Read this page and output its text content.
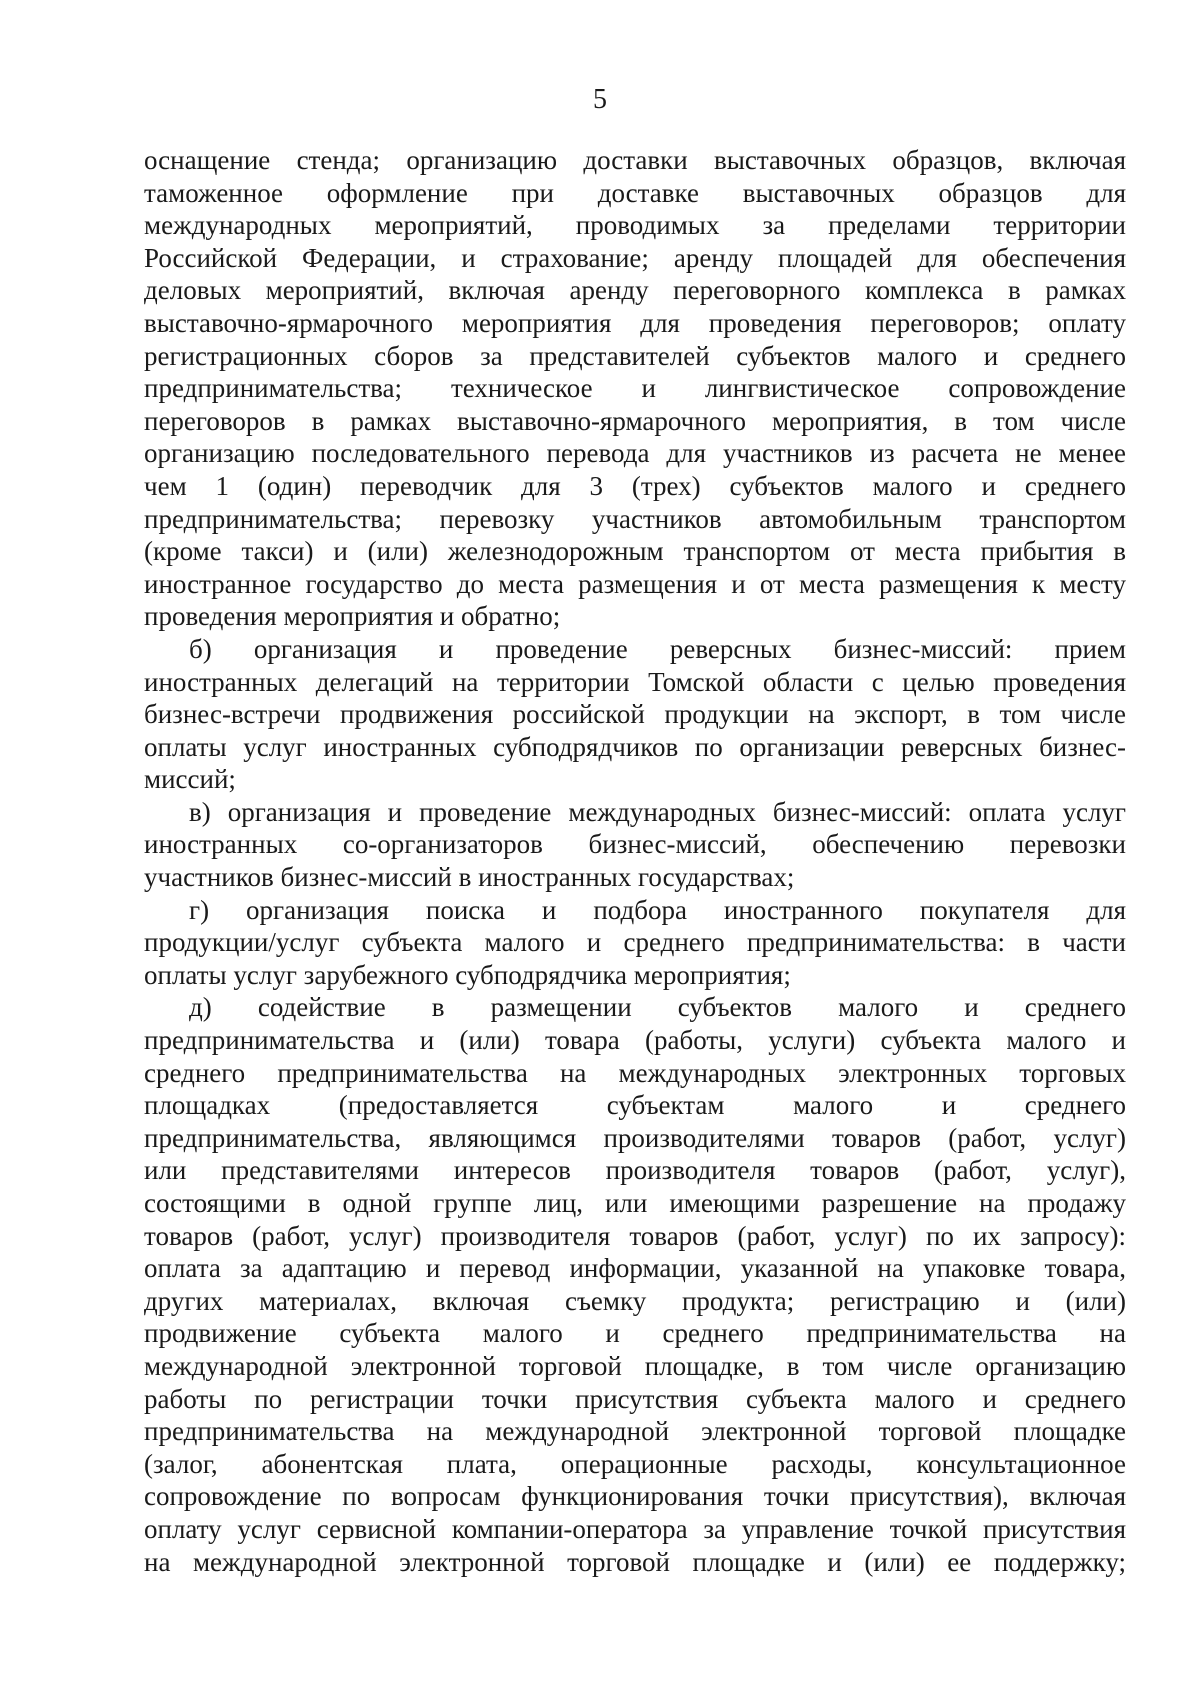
5

оснащение стенда; организацию доставки выставочных образцов, включая

таможенное оформление при доставке выставочных образцов для

международных мероприятий, проводимых за пределами территории

Российской Федерации, и страхование; аренду площадей для обеспечения

деловых мероприятий, включая аренду переговорного комплекса в рамках

выставочно-ярмарочного мероприятия для проведения переговоров; оплату

регистрационных сборов за представителей субъектов малого и среднего

предпринимательства; техническое и лингвистическое сопровождение

переговоров в рамках выставочно-ярмарочного мероприятия, в том числе

организацию последовательного перевода для участников из расчета не менее

чем 1 (один) переводчик для 3 (трех) субъектов малого и среднего

предпринимательства; перевозку участников автомобильным транспортом

(кроме такси) и (или) железнодорожным транспортом от места прибытия в

иностранное государство до места размещения и от места размещения к месту

проведения мероприятия и обратно;

б) организация и проведение реверсных бизнес-миссий: прием

иностранных делегаций на территории Томской области с целью проведения

бизнес-встречи продвижения российской продукции на экспорт, в том числе

оплаты услуг иностранных субподрядчиков по организации реверсных бизнес-

миссий;

в) организация и проведение международных бизнес-миссий: оплата услуг

иностранных со-организаторов бизнес-миссий, обеспечению перевозки

участников бизнес-миссий в иностранных государствах;

г) организация поиска и подбора иностранного покупателя для

продукции/услуг субъекта малого и среднего предпринимательства: в части

оплаты услуг зарубежного субподрядчика мероприятия;

д) содействие в размещении субъектов малого и среднего

предпринимательства и (или) товара (работы, услуги) субъекта малого и

среднего предпринимательства на международных электронных торговых

площадках (предоставляется субъектам малого и среднего

предпринимательства, являющимся производителями товаров (работ, услуг)

или представителями интересов производителя товаров (работ, услуг),

состоящими в одной группе лиц, или имеющими разрешение на продажу

товаров (работ, услуг) производителя товаров (работ, услуг) по их запросу):

оплата за адаптацию и перевод информации, указанной на упаковке товара,

других материалах, включая съемку продукта; регистрацию и (или)

продвижение субъекта малого и среднего предпринимательства на

международной электронной торговой площадке, в том числе организацию

работы по регистрации точки присутствия субъекта малого и среднего

предпринимательства на международной электронной торговой площадке

(залог, абонентская плата, операционные расходы, консультационное

сопровождение по вопросам функционирования точки присутствия), включая

оплату услуг сервисной компании-оператора за управление точкой присутствия

на международной электронной торговой площадке и (или) ее поддержку;
